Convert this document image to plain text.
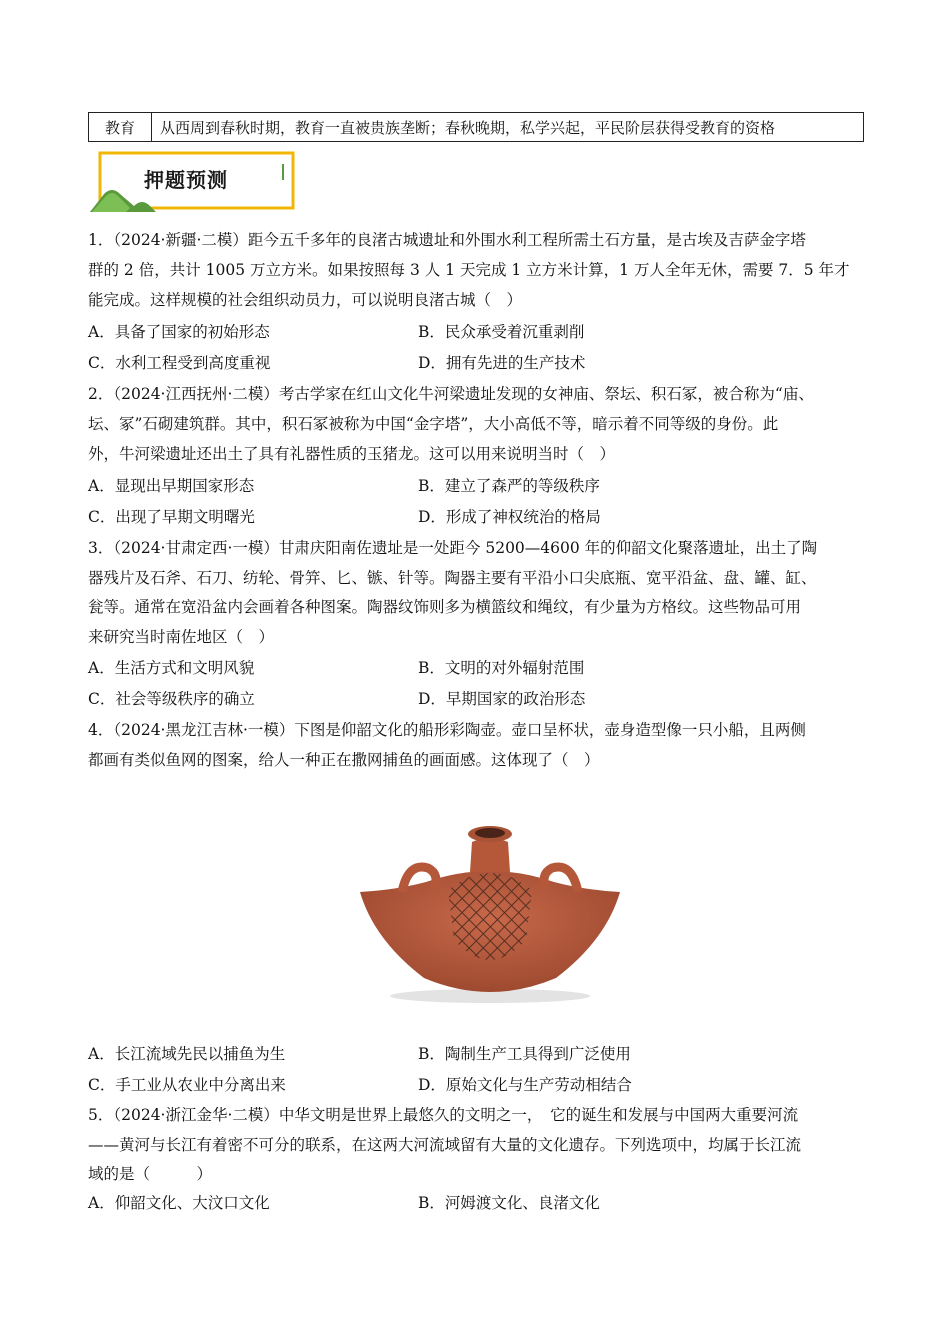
教育	从西周到春秋时期，教育一直被贵族垄断；春秋晚期，私学兴起，平民阶层获得受教育的资格
押题预测
1．（2024·新疆·二模）距今五千多年的良渚古城遗址和外围水利工程所需土石方量，是古埃及吉萨金字塔
群的 2 倍，共计 1005 万立方米。如果按照每 3 人 1 天完成 1 立方米计算，1 万人全年无休，需要 7．5 年才
能完成。这样规模的社会组织动员力，可以说明良渚古城（　）
A．具备了国家的初始形态	B．民众承受着沉重剥削
C．水利工程受到高度重视	D．拥有先进的生产技术
2．（2024·江西抚州·二模）考古学家在红山文化牛河梁遗址发现的女神庙、祭坛、积石冢，被合称为“庙、
坛、冢”石砌建筑群。其中，积石冢被称为中国“金字塔”，大小高低不等，暗示着不同等级的身份。此
外，牛河梁遗址还出土了具有礼器性质的玉猪龙。这可以用来说明当时（　）
A．显现出早期国家形态	B．建立了森严的等级秩序
C．出现了早期文明曙光	D．形成了神权统治的格局
3．（2024·甘肃定西·一模）甘肃庆阳南佐遗址是一处距今 5200—4600 年的仰韶文化聚落遗址，出土了陶
器残片及石斧、石刀、纺轮、骨笄、匕、镞、针等。陶器主要有平沿小口尖底瓶、宽平沿盆、盘、罐、缸、
瓮等。通常在宽沿盆内会画着各种图案。陶器纹饰则多为横篮纹和绳纹，有少量为方格纹。这些物品可用
来研究当时南佐地区（　）
A．生活方式和文明风貌	B．文明的对外辐射范围
C．社会等级秩序的确立	D．早期国家的政治形态
4．（2024·黑龙江吉林·一模）下图是仰韶文化的船形彩陶壶。壶口呈杯状，壶身造型像一只小船，且两侧
都画有类似鱼网的图案，给人一种正在撒网捕鱼的画面感。这体现了（　）
A．长江流域先民以捕鱼为生	B．陶制生产工具得到广泛使用
C．手工业从农业中分离出来	D．原始文化与生产劳动相结合
5．（2024·浙江金华·二模）中华文明是世界上最悠久的文明之一，　它的诞生和发展与中国两大重要河流
——黄河与长江有着密不可分的联系，在这两大河流域留有大量的文化遗存。下列选项中，均属于长江流
域的是（　　　）
A．仰韶文化、大汶口文化	B．河姆渡文化、良渚文化
